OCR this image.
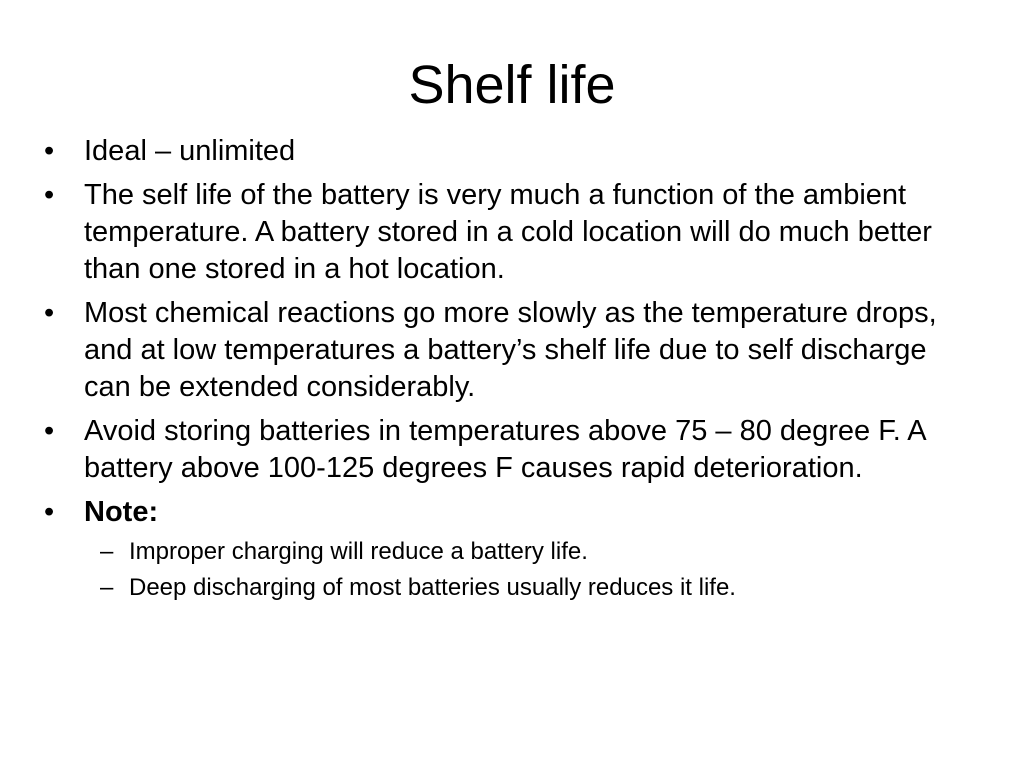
Shelf life
•	Ideal – unlimited
•	The self life of the battery is very much a function of the ambient temperature. A battery stored in a cold location will do much better than one stored in a hot location.
•	Most chemical reactions go more slowly as the temperature drops, and at low temperatures a battery’s shelf life due to self discharge can be extended considerably.
•	Avoid storing batteries in temperatures above 75 – 80 degree F. A battery above 100-125 degrees F causes rapid deterioration.
•	Note:
– Improper charging will reduce a battery life.
– Deep discharging of most batteries usually reduces it life.
